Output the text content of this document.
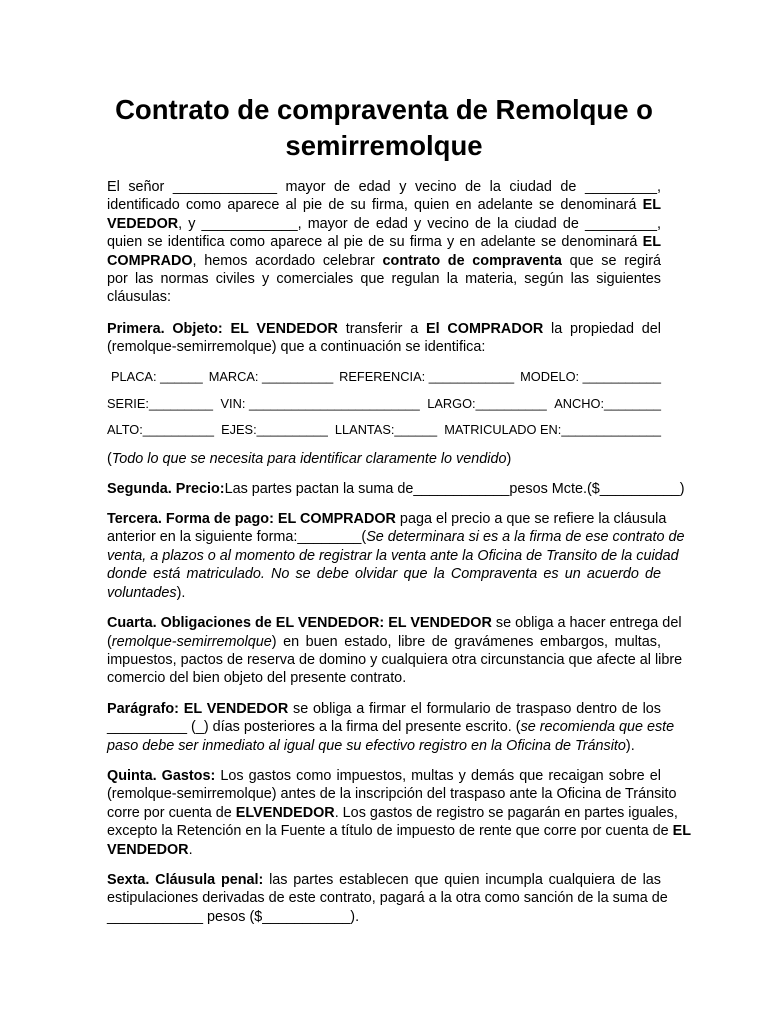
Contrato de compraventa de Remolque o
semirremolque
El señor _____________ mayor de edad y vecino de la ciudad de _________,
identificado como aparece al pie de su firma, quien en adelante se denominará EL
VEDEDOR, y ____________, mayor de edad y vecino de la ciudad de _________,
quien se identifica como aparece al pie de su firma y en adelante se denominará EL
COMPRADO, hemos acordado celebrar contrato de compraventa que se regirá
por las normas civiles y comerciales que regulan la materia, según las siguientes
cláusulas:
Primera. Objeto: EL VENDEDOR transferir a El COMPRADOR la propiedad del
(remolque-semirremolque) que a continuación se identifica:
PLACA: ______ MARCA: __________ REFERENCIA: ____________ MODELO: ___________
SERIE:_________ VIN: ________________________ LARGO:__________ ANCHO:________
ALTO:__________ EJES:__________ LLANTAS:______ MATRICULADO EN:______________
(Todo lo que se necesita para identificar claramente lo vendido)
Segunda. Precio:Las partes pactan la suma de____________pesos Mcte.($__________)
Tercera. Forma de pago: EL COMPRADOR paga el precio a que se refiere la cláusula
anterior en la siguiente forma:________(Se determinara si es a la firma de ese contrato de
venta, a plazos o al momento de registrar la venta ante la Oficina de Transito de la cuidad
donde está matriculado. No se debe olvidar que la Compraventa es un acuerdo de
voluntades).
Cuarta. Obligaciones de EL VENDEDOR: EL VENDEDOR se obliga a hacer entrega del
(remolque-semirremolque) en buen estado, libre de gravámenes embargos, multas,
impuestos, pactos de reserva de domino y cualquiera otra circunstancia que afecte al libre
comercio del bien objeto del presente contrato.
Parágrafo: EL VENDEDOR se obliga a firmar el formulario de traspaso dentro de los
__________ (_) días posteriores a la firma del presente escrito. (se recomienda que este
paso debe ser inmediato al igual que su efectivo registro en la Oficina de Tránsito).
Quinta. Gastos: Los gastos como impuestos, multas y demás que recaigan sobre el
(remolque-semirremolque) antes de la inscripción del traspaso ante la Oficina de Tránsito
corre por cuenta de ELVENDEDOR. Los gastos de registro se pagarán en partes iguales,
excepto la Retención en la Fuente a título de impuesto de rente que corre por cuenta de EL
VENDEDOR.
Sexta. Cláusula penal: las partes establecen que quien incumpla cualquiera de las
estipulaciones derivadas de este contrato, pagará a la otra como sanción de la suma de
____________ pesos ($___________).
